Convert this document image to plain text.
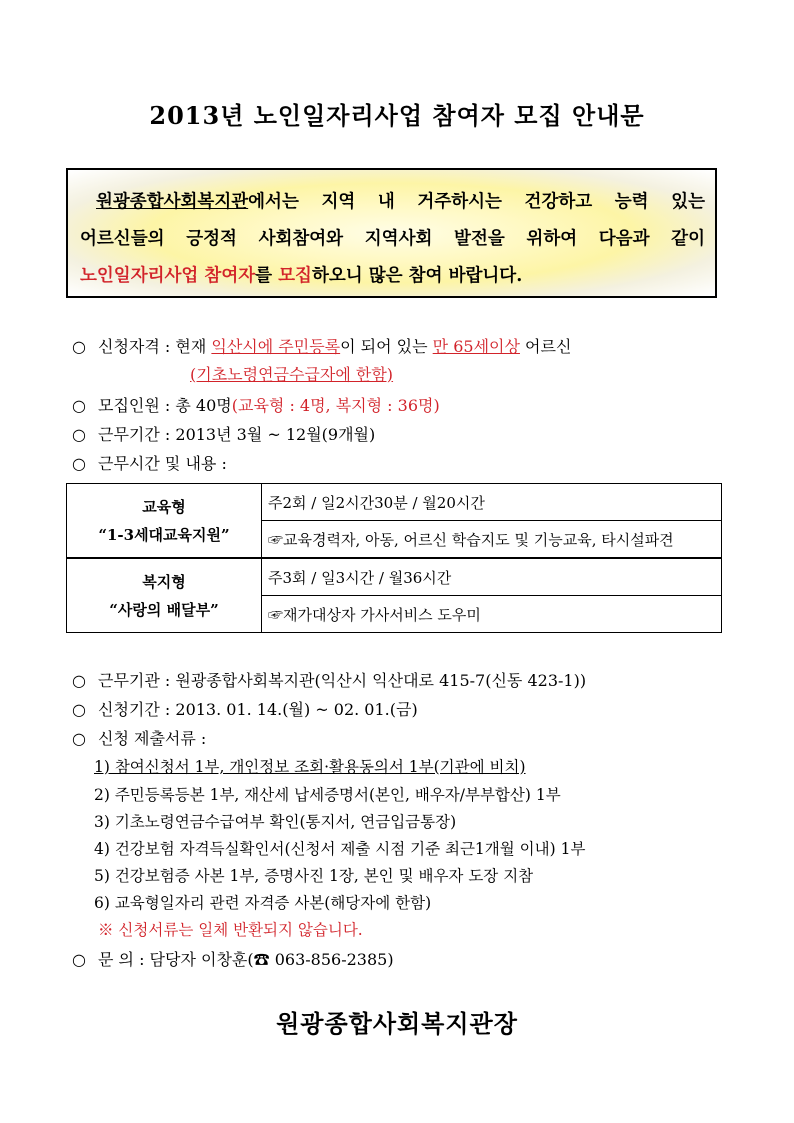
2013년 노인일자리사업 참여자 모집 안내문
원광종합사회복지관에서는 지역 내 거주하시는 건강하고 능력 있는
어르신들의 긍정적 사회참여와 지역사회 발전을 위하여 다음과 같이
노인일자리사업 참여자를 모집하오니 많은 참여 바랍니다.
○ 신청자격 : 현재 익산시에 주민등록이 되어 있는 만 65세이상 어르신
(기초노령연금수급자에 한함)
○ 모집인원 : 총 40명(교육형 : 4명, 복지형 : 36명)
○ 근무기간 : 2013년 3월 ~ 12월(9개월)
○ 근무시간 및 내용 :
교육형
“1-3세대교육지원”	주2회 / 일2시간30분 / 월20시간
	☞교육경력자, 아동, 어르신 학습지도 및 기능교육, 타시설파견

복지형
“사랑의 배달부”	주3회 / 일3시간 / 월36시간
	☞재가대상자 가사서비스 도우미
○ 근무기관 : 원광종합사회복지관(익산시 익산대로 415-7(신동 423-1))
○ 신청기간 : 2013. 01. 14.(월) ~ 02. 01.(금)
○ 신청 제출서류 :
1) 참여신청서 1부, 개인정보 조회·활용동의서 1부(기관에 비치)
2) 주민등록등본 1부, 재산세 납세증명서(본인, 배우자/부부합산) 1부
3) 기초노령연금수급여부 확인(통지서, 연금입금통장)
4) 건강보험 자격득실확인서(신청서 제출 시점 기준 최근1개월 이내) 1부
5) 건강보험증 사본 1부, 증명사진 1장, 본인 및 배우자 도장 지참
6) 교육형일자리 관련 자격증 사본(해당자에 한함)
※ 신청서류는 일체 반환되지 않습니다.
○ 문 의 : 담당자 이창훈(☎ 063-856-2385)
원광종합사회복지관장
